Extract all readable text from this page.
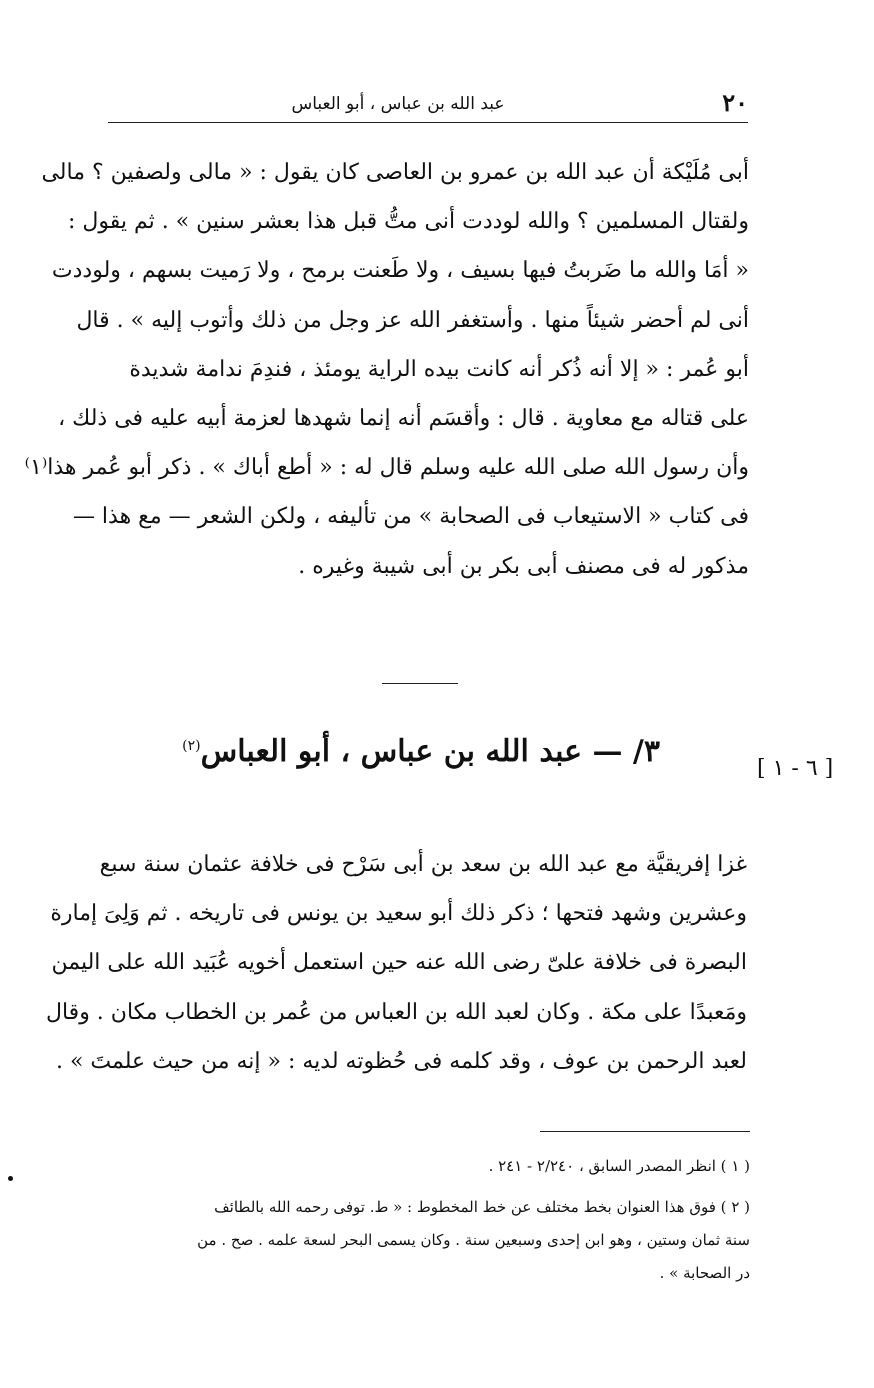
٢٠
عبد الله بن عباس ، أبو العباس
أبى مُلَيْكة أن عبد الله بن عمرو بن العاصى كان يقول : « مالى ولصفين ؟ مالى
ولقتال المسلمين ؟ والله لوددت أنى متُّ قبل هذا بعشر سنين » . ثم يقول :
« أمَا والله ما ضَربتُ فيها بسيف ، ولا طَعنت برمح ، ولا رَميت بسهم ، ولوددت
أنى لم أحضر شيئاً منها . وأستغفر الله عز وجل من ذلك وأتوب إليه » . قال
أبو عُمر : « إلا أنه ذُكر أنه كانت بيده الراية يومئذ ، فندِمَ ندامة شديدة
على قتاله مع معاوية . قال : وأقسَم أنه إنما شهدها لعزمة أبيه عليه فى ذلك ،
وأن رسول الله صلى الله عليه وسلم قال له : « أطع أباك » . ذكر أبو عُمر هذا⁽١⁾
فى كتاب « الاستيعاب فى الصحابة » من تأليفه ، ولكن الشعر — مع هذا —
مذكور له فى مصنف أبى بكر بن أبى شيبة وغيره .
٣/ — عبد الله بن عباس ، أبو العباس$^{(٢)}$
[ ٦ - ١ ]
غزا إفريقيَّة مع عبد الله بن سعد بن أبى سَرْح فى خلافة عثمان سنة سبع
وعشرين وشهد فتحها ؛ ذكر ذلك أبو سعيد بن يونس فى تاريخه . ثم وَلِىَ إمارة
البصرة فى خلافة علىّ رضى الله عنه حين استعمل أخويه عُبَيد الله على اليمن
ومَعبدًا على مكة . وكان لعبد الله بن العباس من عُمر بن الخطاب مكان . وقال
لعبد الرحمن بن عوف ، وقد كلمه فى حُظوته لديه : « إنه من حيث علمتَ » .
( ١ ) انظر المصدر السابق ، ٢/٢٤٠ - ٢٤١ .
( ٢ ) فوق هذا العنوان بخط مختلف عن خط المخطوط : « ط. توفى رحمه الله بالطائف
سنة ثمان وستين ، وهو ابن إحدى وسبعين سنة . وكان يسمى البحر لسعة علمه . صح . من
در الصحابة » .
